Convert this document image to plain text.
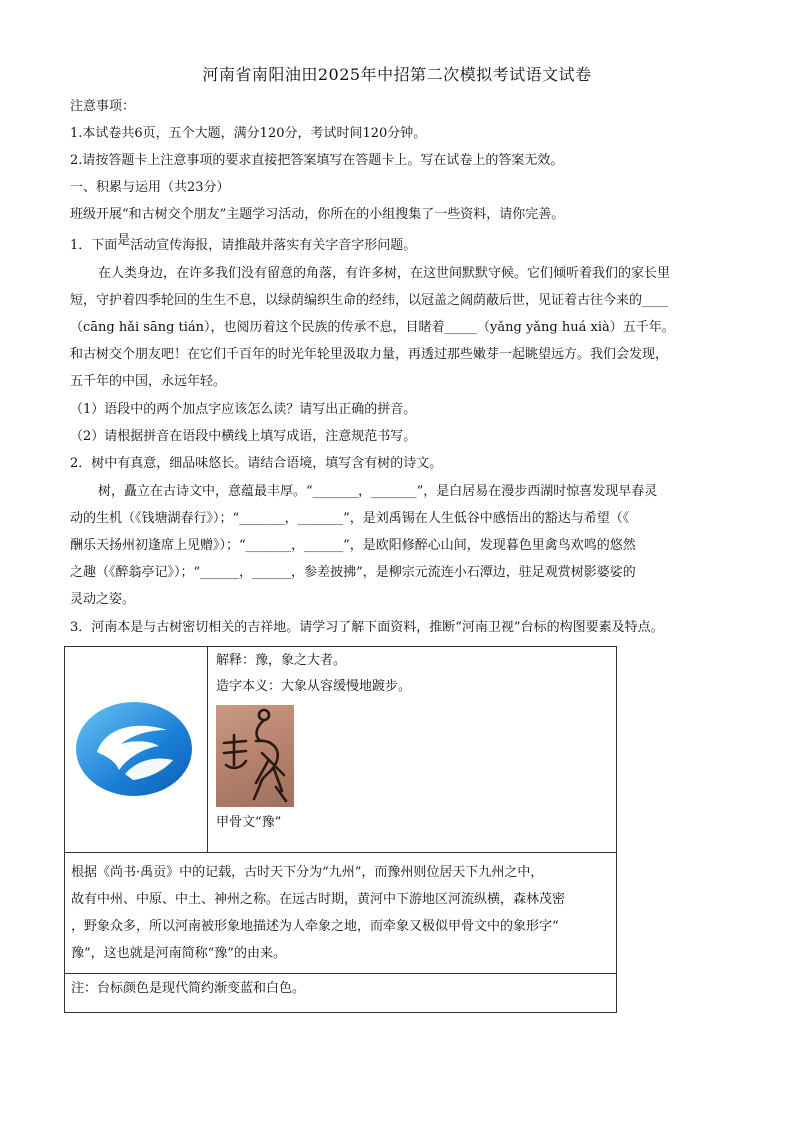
河南省南阳油田2025年中招第二次模拟考试语文试卷
注意事项：
1.本试卷共6页，五个大题，满分120分，考试时间120分钟。
2.请按答题卡上注意事项的要求直接把答案填写在答题卡上。写在试卷上的答案无效。
一、积累与运用（共23分）
班级开展“和古树交个朋友”主题学习活动，你所在的小组搜集了一些资料，请你完善。
1．下面是活动宣传海报，请推敲并落实有关字音字形问题。
在人类身边，在许多我们没有留意的角落，有许多树，在这世间默默守候。它们倾听着我们的家长里
短，守护着四季轮回的生生不息，以绿荫编织生命的经纬，以冠盖之阔荫蔽后世，见证着古往今来的____
（cāng hǎi sāng tián），也阅历着这个民族的传承不息，目睹着_____（yǎng yǎng huá xià）五千年。
和古树交个朋友吧！在它们千百年的时光年轮里汲取力量，再透过那些嫩芽一起眺望远方。我们会发现，
五千年的中国，永远年轻。
（1）语段中的两个加点字应该怎么读？请写出正确的拼音。
（2）请根据拼音在语段中横线上填写成语，注意规范书写。
2．树中有真意，细品味悠长。请结合语境，填写含有树的诗文。
树，矗立在古诗文中，意蕴最丰厚。“_______，_______”，是白居易在漫步西湖时惊喜发现早春灵
动的生机（《钱塘湖春行》）；“_______，_______”，是刘禹锡在人生低谷中感悟出的豁达与希望（《
酬乐天扬州初逢席上见赠》）；“_______，______”，是欧阳修醉心山间，发现暮色里禽鸟欢鸣的悠然
之趣（《醉翁亭记》）；“______，______，参差披拂”，是柳宗元流连小石潭边，驻足观赏树影婆娑的
灵动之姿。
3．河南本是与古树密切相关的吉祥地。请学习了解下面资料，推断“河南卫视”台标的构图要素及特点。

解释：豫，象之大者。

造字本义：大象从容缓慢地踱步。

甲骨文“豫”

根据《尚书·禹贡》中的记载，古时天下分为“九州”，而豫州则位居天下九州之中，
故有中州、中原、中土、神州之称。在远古时期，黄河中下游地区河流纵横，森林茂密
，野象众多，所以河南被形象地描述为人牵象之地，而牵象又极似甲骨文中的象形字“
豫”，这也就是河南简称“豫”的由来。

注：台标颜色是现代简约渐变蓝和白色。
